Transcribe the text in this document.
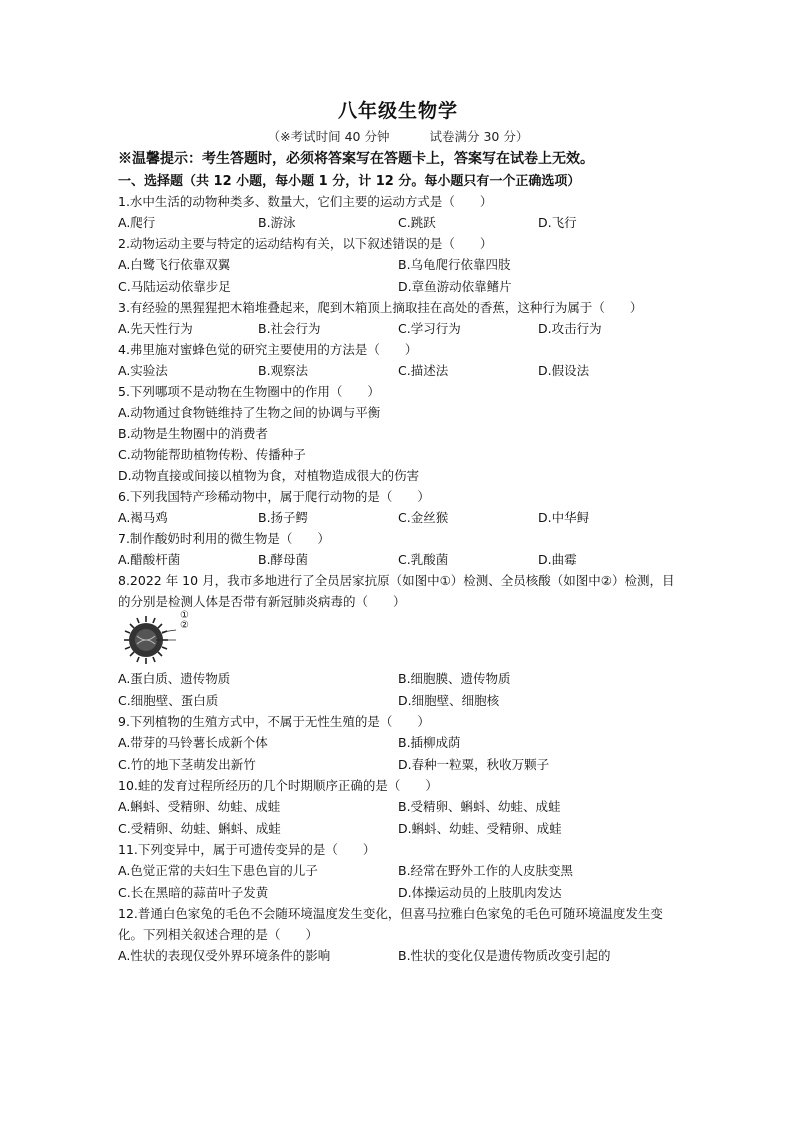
八年级生物学
（※考试时间 40 分钟	试卷满分 30 分）
※温馨提示：考生答题时，必须将答案写在答题卡上，答案写在试卷上无效。
一、选择题（共 12 小题，每小题 1 分，计 12 分。每小题只有一个正确选项）
1.水中生活的动物种类多、数量大，它们主要的运动方式是（　　）
A.爬行	B.游泳	C.跳跃	D.飞行
2.动物运动主要与特定的运动结构有关，以下叙述错误的是（　　）
A.白鹭飞行依靠双翼	B.乌龟爬行依靠四肢
C.马陆运动依靠步足	D.章鱼游动依靠鳍片
3.有经验的黑猩猩把木箱堆叠起来，爬到木箱顶上摘取挂在高处的香蕉，这种行为属于（　　）
A.先天性行为	B.社会行为	C.学习行为	D.攻击行为
4.弗里施对蜜蜂色觉的研究主要使用的方法是（　　）
A.实验法	B.观察法	C.描述法	D.假设法
5.下列哪项不是动物在生物圈中的作用（　　）
A.动物通过食物链维持了生物之间的协调与平衡
B.动物是生物圈中的消费者
C.动物能帮助植物传粉、传播种子
D.动物直接或间接以植物为食，对植物造成很大的伤害
6.下列我国特产珍稀动物中，属于爬行动物的是（　　）
A.褐马鸡	B.扬子鳄	C.金丝猴	D.中华鲟
7.制作酸奶时利用的微生物是（　　）
A.醋酸杆菌	B.酵母菌	C.乳酸菌	D.曲霉
8.2022 年 10 月，我市多地进行了全员居家抗原（如图中①）检测、全员核酸（如图中②）检测，目的分别是检测人体是否带有新冠肺炎病毒的（　　）

①
②
A.蛋白质、遗传物质	B.细胞膜、遗传物质
C.细胞壁、蛋白质	D.细胞壁、细胞核
9.下列植物的生殖方式中，不属于无性生殖的是（　　）
A.带芽的马铃薯长成新个体	B.插柳成荫
C.竹的地下茎萌发出新竹	D.春种一粒粟，秋收万颗子
10.蛙的发育过程所经历的几个时期顺序正确的是（　　）
A.蝌蚪、受精卵、幼蛙、成蛙	B.受精卵、蝌蚪、幼蛙、成蛙
C.受精卵、幼蛙、蝌蚪、成蛙	D.蝌蚪、幼蛙、受精卵、成蛙
11.下列变异中，属于可遗传变异的是（　　）
A.色觉正常的夫妇生下患色盲的儿子	B.经常在野外工作的人皮肤变黑
C.长在黑暗的蒜苗叶子发黄	D.体操运动员的上肢肌肉发达
12.普通白色家兔的毛色不会随环境温度发生变化，但喜马拉雅白色家兔的毛色可随环境温度发生变化。下列相关叙述合理的是（　　）
A.性状的表现仅受外界环境条件的影响	B.性状的变化仅是遗传物质改变引起的
